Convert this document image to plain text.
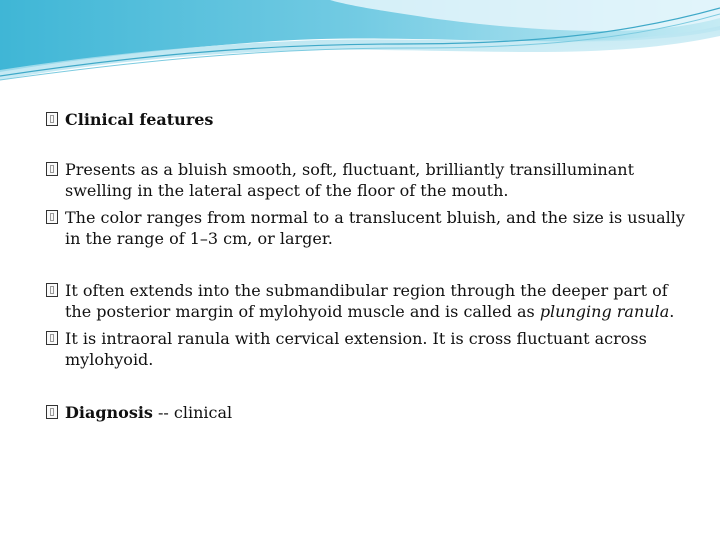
Clinical features
Presents as a bluish smooth, soft, fluctuant, brilliantly transilluminant swelling in the lateral aspect of the floor of the mouth.
The color ranges from normal to a translucent bluish, and the size is usually in the range of 1–3 cm, or larger.
It often extends into the submandibular region through the deeper part of the posterior margin of mylohyoid muscle and is called as plunging ranula.
It is intraoral ranula with cervical extension. It is cross fluctuant across mylohyoid.
Diagnosis -- clinical
